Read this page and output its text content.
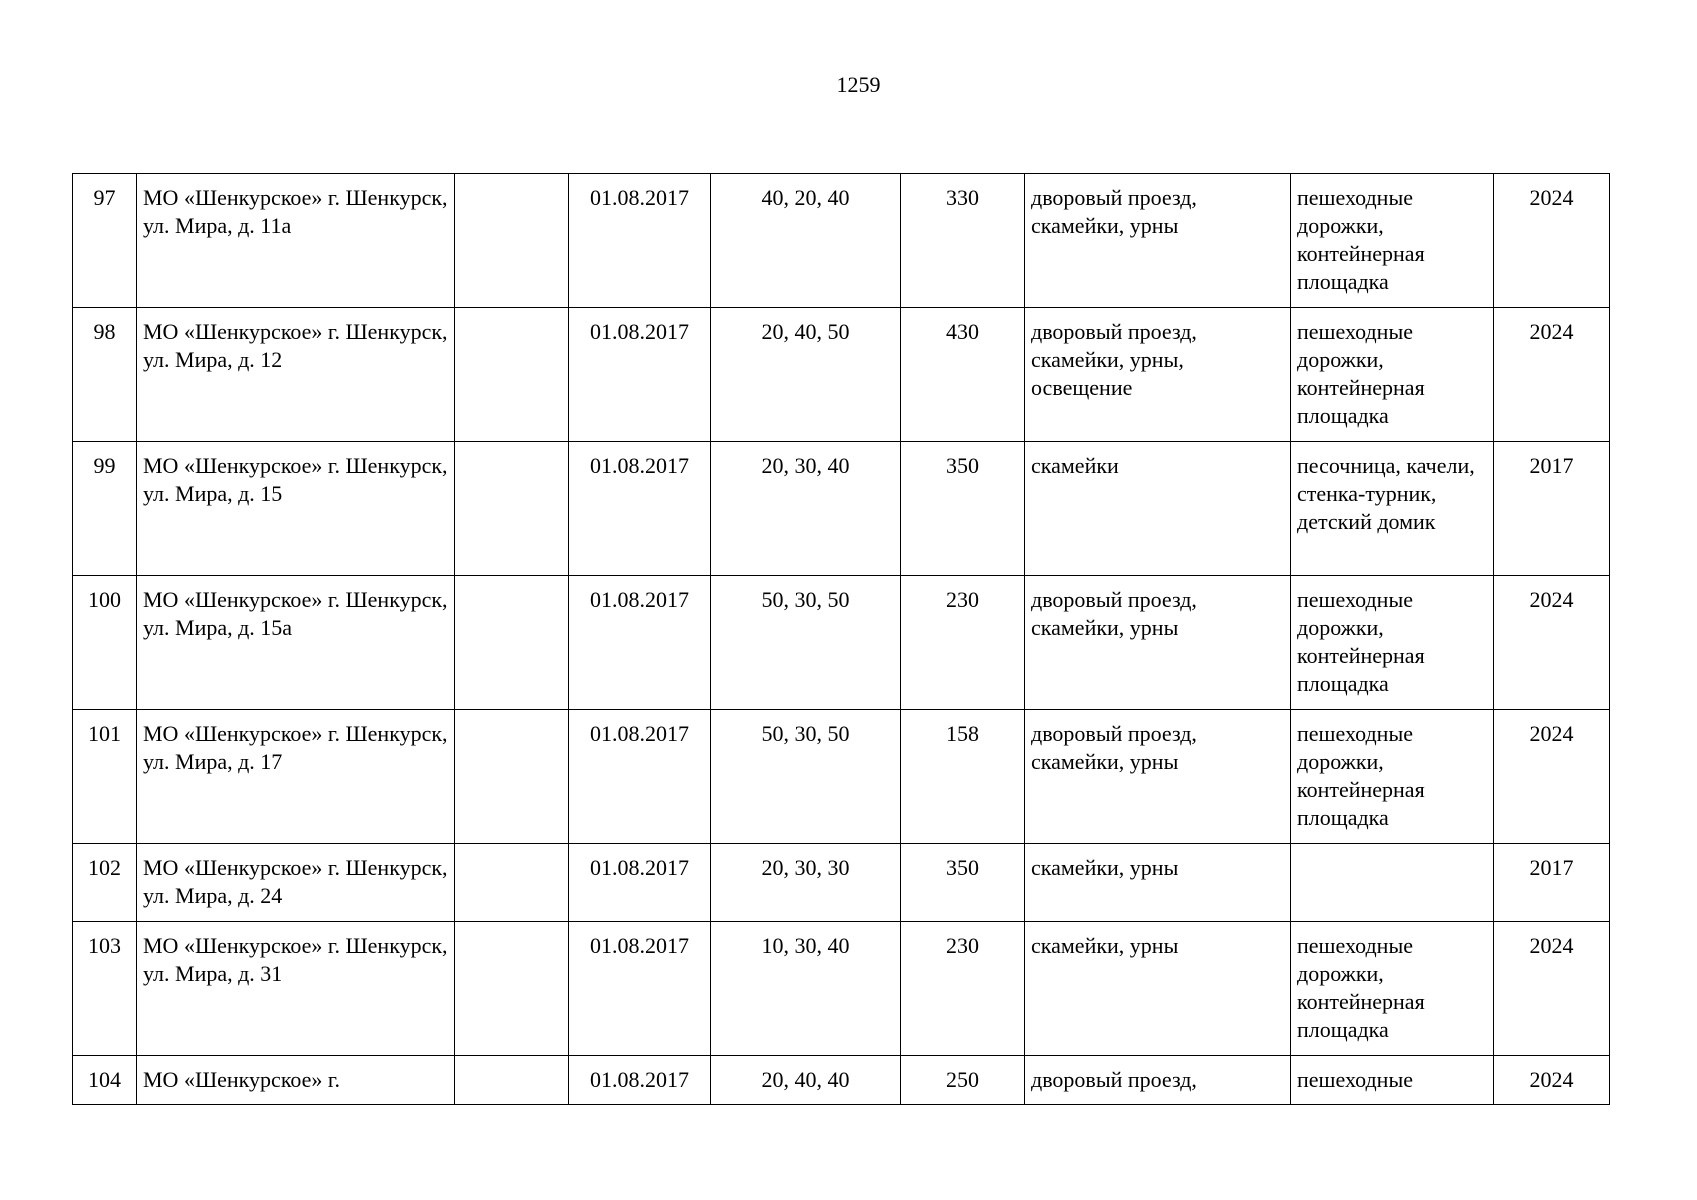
1259
97	МО «Шенкурское» г. Шенкурск, ул. Мира, д. 11а		01.08.2017	40, 20, 40	330	дворовый проезд, скамейки, урны	пешеходные дорожки, контейнерная площадка	2024
98	МО «Шенкурское» г. Шенкурск, ул. Мира, д. 12		01.08.2017	20, 40, 50	430	дворовый проезд, скамейки, урны, освещение	пешеходные дорожки, контейнерная площадка	2024
99	МО «Шенкурское» г. Шенкурск, ул. Мира, д. 15		01.08.2017	20, 30, 40	350	скамейки	песочница, качели, стенка-турник, детский домик	2017
100	МО «Шенкурское» г. Шенкурск, ул. Мира, д. 15а		01.08.2017	50, 30, 50	230	дворовый проезд, скамейки, урны	пешеходные дорожки, контейнерная площадка	2024
101	МО «Шенкурское» г. Шенкурск, ул. Мира, д. 17		01.08.2017	50, 30, 50	158	дворовый проезд, скамейки, урны	пешеходные дорожки, контейнерная площадка	2024
102	МО «Шенкурское» г. Шенкурск, ул. Мира, д. 24		01.08.2017	20, 30, 30	350	скамейки, урны		2017
103	МО «Шенкурское» г. Шенкурск, ул. Мира, д. 31		01.08.2017	10, 30, 40	230	скамейки, урны	пешеходные дорожки, контейнерная площадка	2024
104	МО «Шенкурское» г.		01.08.2017	20, 40, 40	250	дворовый проезд,	пешеходные	2024
